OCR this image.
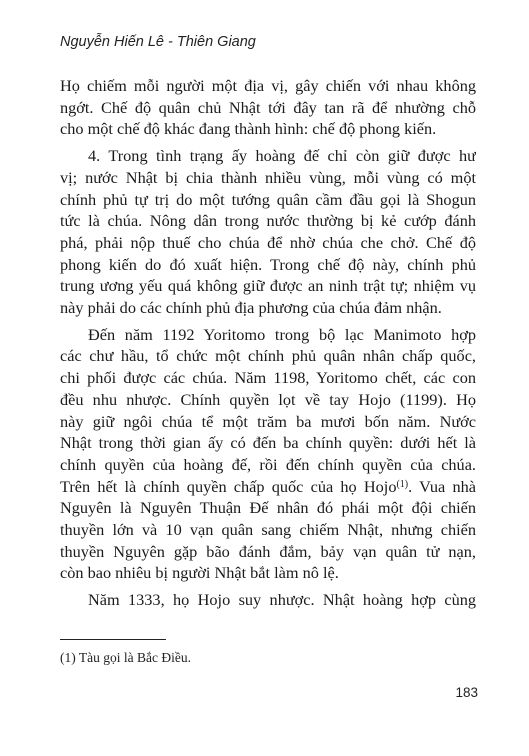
Nguyễn Hiến Lê - Thiên Giang
Họ chiếm mỗi người một địa vị, gây chiến với nhau không
ngớt. Chế độ quân chủ Nhật tới đây tan rã để nhường chỗ
cho một chế độ khác đang thành hình: chế độ phong kiến.
4. Trong tình trạng ấy hoàng đế chỉ còn giữ được hư
vị; nước Nhật bị chia thành nhiều vùng, mỗi vùng có một
chính phủ tự trị do một tướng quân cầm đầu gọi là Shogun
tức là chúa. Nông dân trong nước thường bị kẻ cướp đánh
phá, phải nộp thuế cho chúa để nhờ chúa che chở. Chế độ
phong kiến do đó xuất hiện. Trong chế độ này, chính phủ
trung ương yếu quá không giữ được an ninh trật tự; nhiệm vụ
này phải do các chính phủ địa phương của chúa đảm nhận.
Đến năm 1192 Yoritomo trong bộ lạc Manimoto hợp
các chư hầu, tổ chức một chính phủ quân nhân chấp quốc,
chi phối được các chúa. Năm 1198, Yoritomo chết, các con
đều nhu nhược. Chính quyền lọt về tay Hojo (1199). Họ
này giữ ngôi chúa tể một trăm ba mươi bốn năm. Nước
Nhật trong thời gian ấy có đến ba chính quyền: dưới hết là
chính quyền của hoàng đế, rồi đến chính quyền của chúa.
Trên hết là chính quyền chấp quốc của họ Hojo$^{(1)}$. Vua nhà
Nguyên là Nguyên Thuận Đế nhân đó phái một đội chiến
thuyền lớn và 10 vạn quân sang chiếm Nhật, nhưng chiến
thuyền Nguyên gặp bão đánh đắm, bảy vạn quân tử nạn,
còn bao nhiêu bị người Nhật bắt làm nô lệ.
Năm 1333, họ Hojo suy nhược. Nhật hoàng hợp cùng
(1) Tàu gọi là Bắc Điều.
183
